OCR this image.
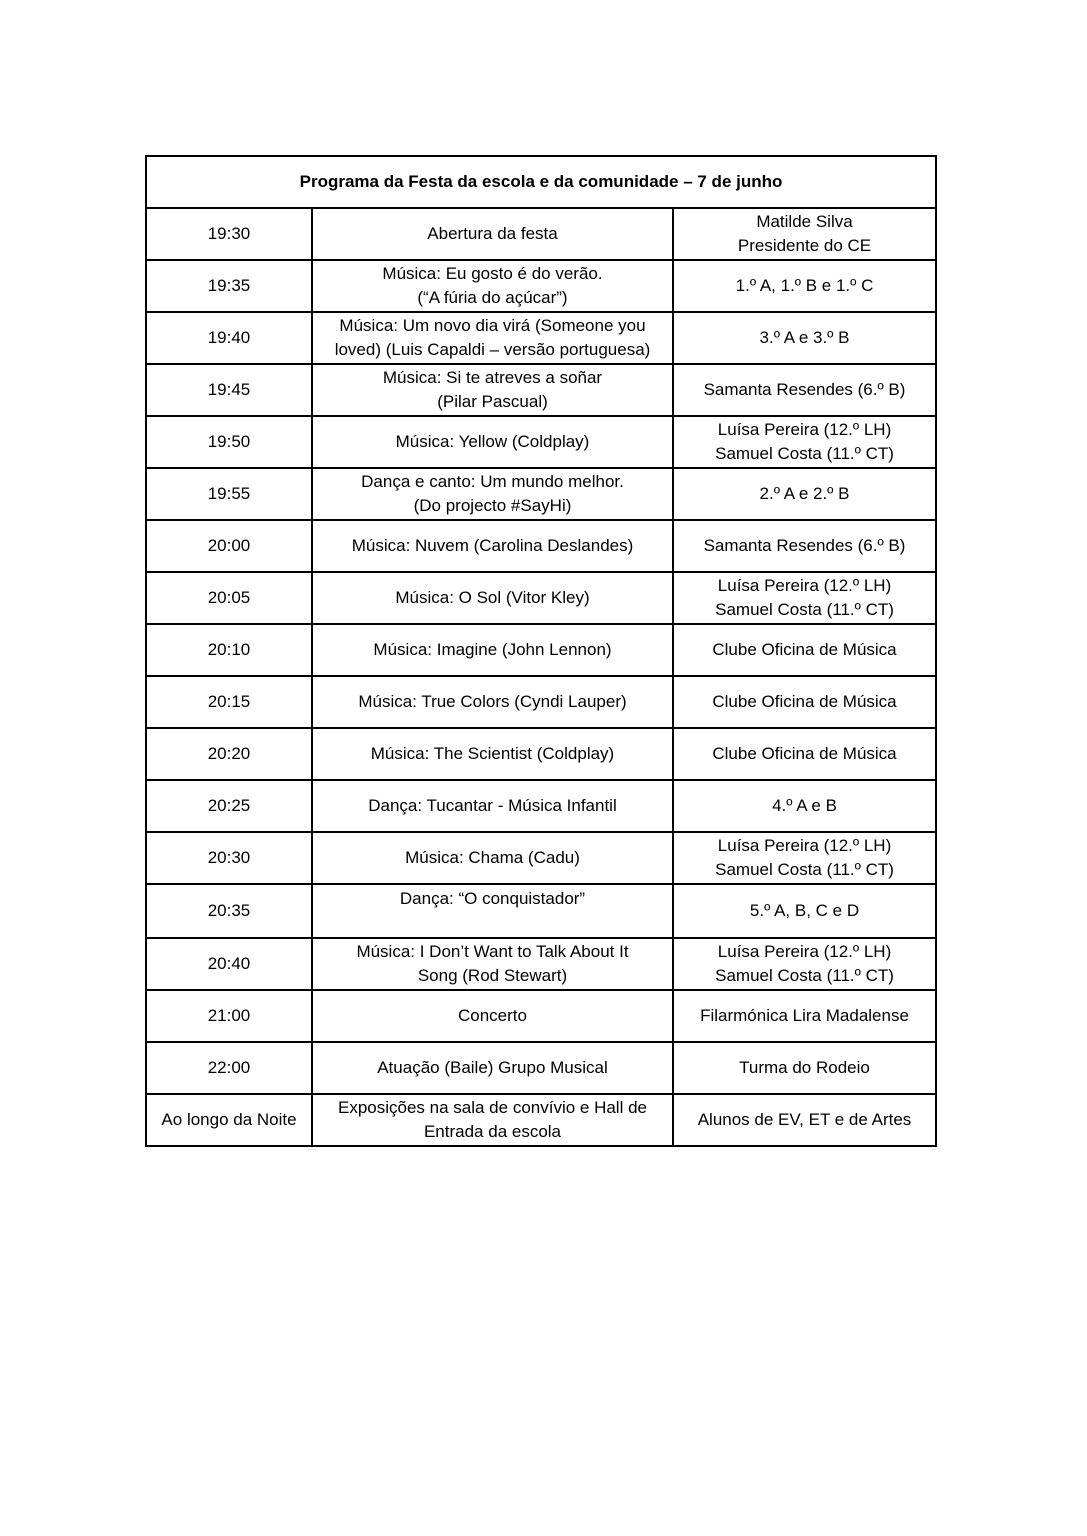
Programa da Festa da escola e da comunidade – 7 de junho		
19:30	Abertura da festa	Matilde Silva
Presidente do CE

19:35	Música: Eu gosto é do verão.
(“A fúria do açúcar”)	1.º A, 1.º B e 1.º C

19:40	Música: Um novo dia virá (Someone you
loved) (Luis Capaldi – versão portuguesa)	3.º A e 3.º B

19:45	Música: Si te atreves a soñar
(Pilar Pascual)	Samanta Resendes (6.º B)

19:50	Música: Yellow (Coldplay)	Luísa Pereira (12.º LH)
Samuel Costa (11.º CT)

19:55	Dança e canto: Um mundo melhor.
(Do projecto #SayHi)	2.º A e 2.º B

20:00	Música: Nuvem (Carolina Deslandes)	Samanta Resendes (6.º B)

20:05	Música: O Sol (Vitor Kley)	Luísa Pereira (12.º LH)
Samuel Costa (11.º CT)

20:10	Música: Imagine (John Lennon)	Clube Oficina de Música

20:15	Música: True Colors (Cyndi Lauper)	Clube Oficina de Música

20:20	Música: The Scientist (Coldplay)	Clube Oficina de Música

20:25	Dança: Tucantar - Música Infantil	4.º A e B

20:30	Música: Chama (Cadu)	Luísa Pereira (12.º LH)
Samuel Costa (11.º CT)

20:35	Dança: “O conquistador”	5.º A, B, C e D

20:40	Música: I Don’t Want to Talk About It
Song (Rod Stewart)	Luísa Pereira (12.º LH)
Samuel Costa (11.º CT)

21:00	Concerto	Filarmónica Lira Madalense

22:00	Atuação (Baile) Grupo Musical	Turma do Rodeio

Ao longo da Noite	Exposições na sala de convívio e Hall de
Entrada da escola	Alunos de EV, ET e de Artes
